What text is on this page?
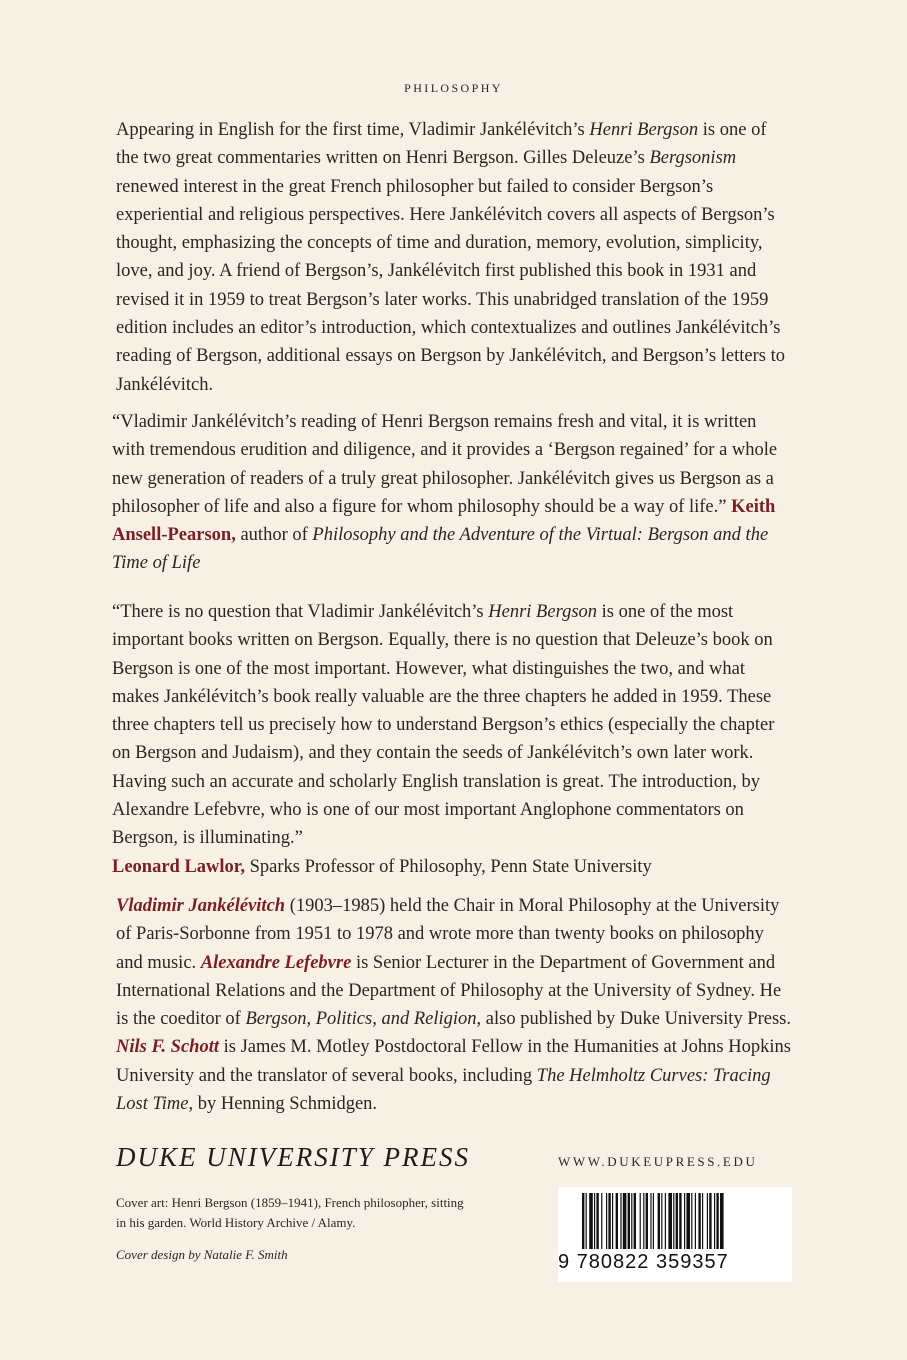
PHILOSOPHY

Appearing in English for the first time, Vladimir Jankélévitch’s Henri Bergson is one of the two great commentaries written on Henri Bergson. Gilles Deleuze’s Bergsonism renewed interest in the great French philosopher but failed to consider Bergson’s experiential and religious perspectives. Here Jankélévitch covers all aspects of Bergson’s thought, emphasizing the concepts of time and duration, memory, evolution, simplicity, love, and joy. A friend of Bergson’s, Jankélévitch first published this book in 1931 and revised it in 1959 to treat Bergson’s later works. This unabridged translation of the 1959 edition includes an editor’s introduction, which contextualizes and outlines Jankélévitch’s reading of Bergson, additional essays on Bergson by Jankélévitch, and Bergson’s letters to Jankélévitch.

“Vladimir Jankélévitch’s reading of Henri Bergson remains fresh and vital, it is written with tremendous erudition and diligence, and it provides a ‘Bergson regained’ for a whole new generation of readers of a truly great philosopher. Jankélévitch gives us Bergson as a philosopher of life and also a figure for whom philosophy should be a way of life.” Keith Ansell-Pearson, author of Philosophy and the Adventure of the Virtual: Bergson and the Time of Life

“There is no question that Vladimir Jankélévitch’s Henri Bergson is one of the most important books written on Bergson. Equally, there is no question that Deleuze’s book on Bergson is one of the most important. However, what distinguishes the two, and what makes Jankélévitch’s book really valuable are the three chapters he added in 1959. These three chapters tell us precisely how to understand Bergson’s ethics (especially the chapter on Bergson and Judaism), and they contain the seeds of Jankélévitch’s own later work. Having such an accurate and scholarly English translation is great. The introduction, by Alexandre Lefebvre, who is one of our most important Anglophone commentators on Bergson, is illuminating.”
Leonard Lawlor, Sparks Professor of Philosophy, Penn State University

Vladimir Jankélévitch (1903–1985) held the Chair in Moral Philosophy at the University of Paris-Sorbonne from 1951 to 1978 and wrote more than twenty books on philosophy and music. Alexandre Lefebvre is Senior Lecturer in the Department of Government and International Relations and the Department of Philosophy at the University of Sydney. He is the coeditor of Bergson, Politics, and Religion, also published by Duke University Press. Nils F. Schott is James M. Motley Postdoctoral Fellow in the Humanities at Johns Hopkins University and the translator of several books, including The Helmholtz Curves: Tracing Lost Time, by Henning Schmidgen.

DUKE UNIVERSITY PRESS	WWW.DUKEUPRESS.EDU
Cover art: Henri Bergson (1859–1941), French philosopher, sitting in his garden. World History Archive / Alamy.
Cover design by Natalie F. Smith	9 780822 359357
